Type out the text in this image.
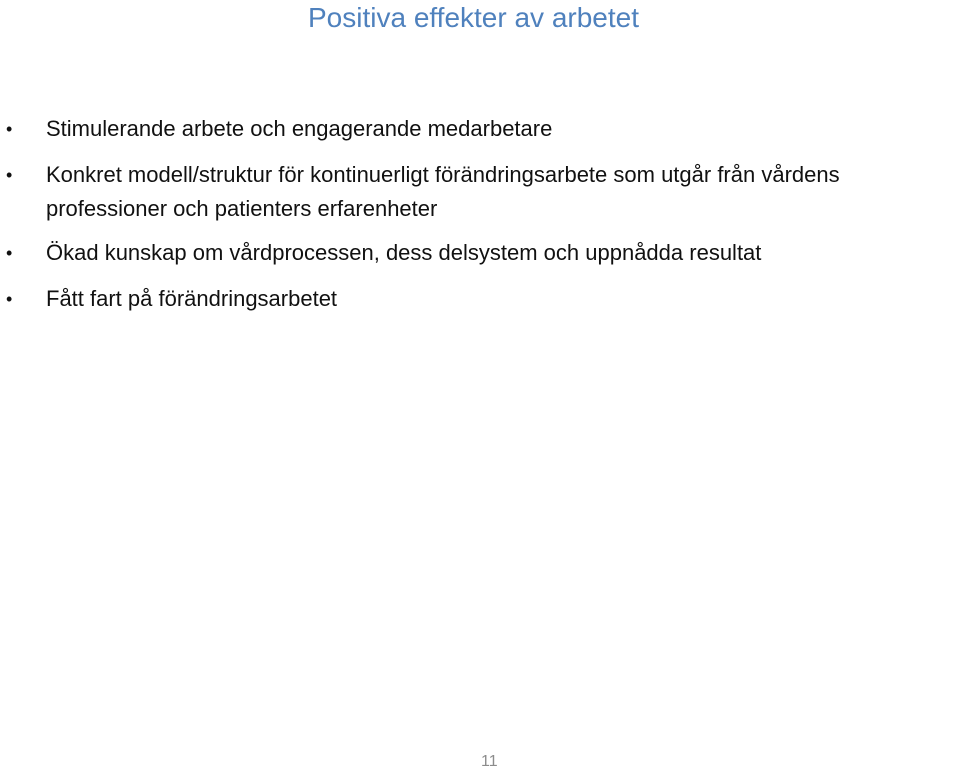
Positiva effekter av arbetet
• Stimulerande arbete och engagerande medarbetare
• Konkret modell/struktur för kontinuerligt förändringsarbete som utgår från vårdens professioner och patienters erfarenheter
• Ökad kunskap om vårdprocessen, dess delsystem och uppnådda resultat
• Fått fart på förändringsarbetet
11
